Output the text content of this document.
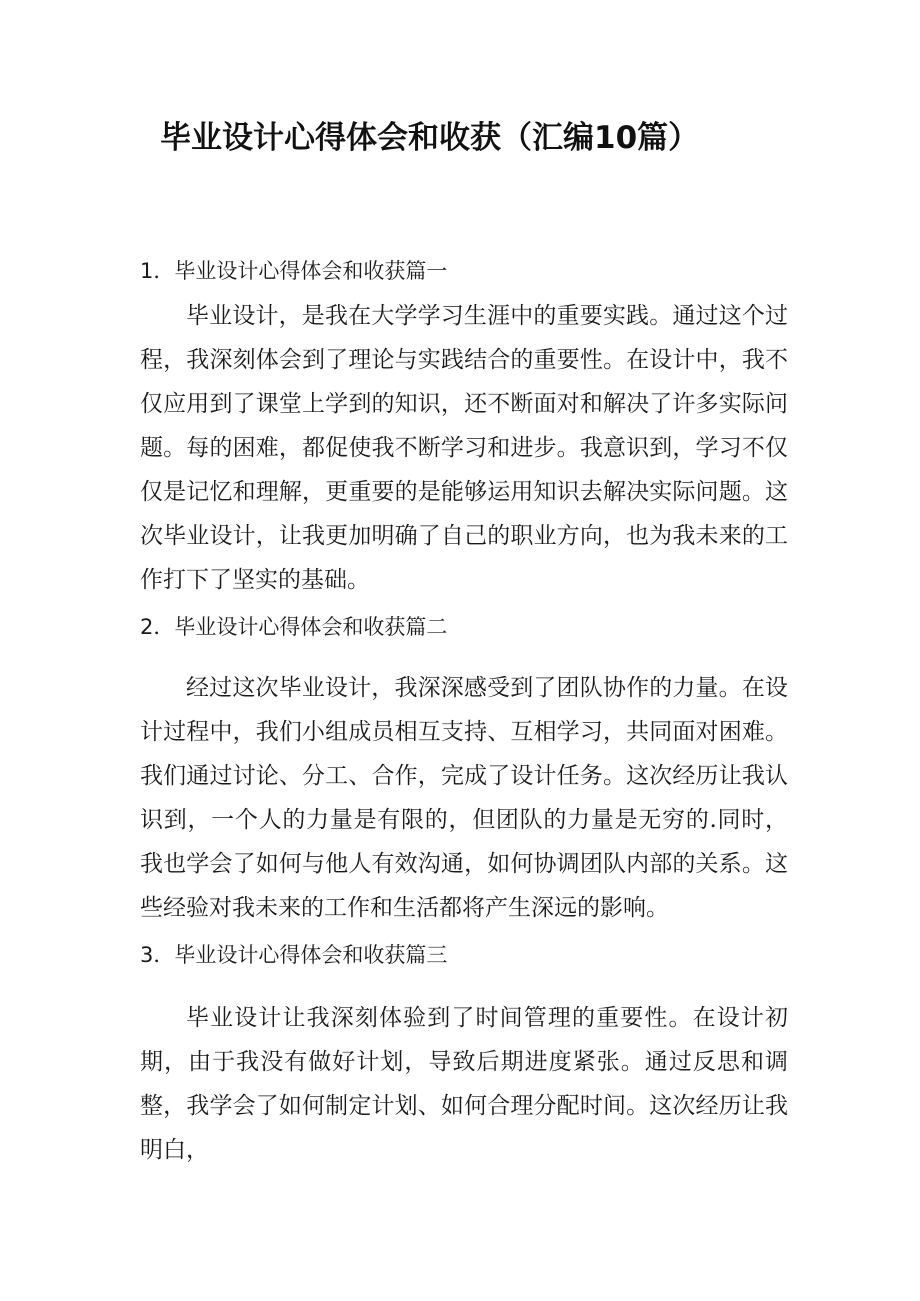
毕业设计心得体会和收获（汇编10篇）
1．毕业设计心得体会和收获篇一
毕业设计，是我在大学学习生涯中的重要实践。通过这个过程，我深刻体会到了理论与实践结合的重要性。在设计中，我不仅应用到了课堂上学到的知识，还不断面对和解决了许多实际问题。每的困难，都促使我不断学习和进步。我意识到，学习不仅仅是记忆和理解，更重要的是能够运用知识去解决实际问题。这次毕业设计，让我更加明确了自己的职业方向，也为我未来的工作打下了坚实的基础。
2．毕业设计心得体会和收获篇二
经过这次毕业设计，我深深感受到了团队协作的力量。在设计过程中，我们小组成员相互支持、互相学习，共同面对困难。我们通过讨论、分工、合作，完成了设计任务。这次经历让我认识到，一个人的力量是有限的，但团队的力量是无穷的.同时，我也学会了如何与他人有效沟通，如何协调团队内部的关系。这些经验对我未来的工作和生活都将产生深远的影响。
3．毕业设计心得体会和收获篇三
毕业设计让我深刻体验到了时间管理的重要性。在设计初期，由于我没有做好计划，导致后期进度紧张。通过反思和调整，我学会了如何制定计划、如何合理分配时间。这次经历让我明白，
